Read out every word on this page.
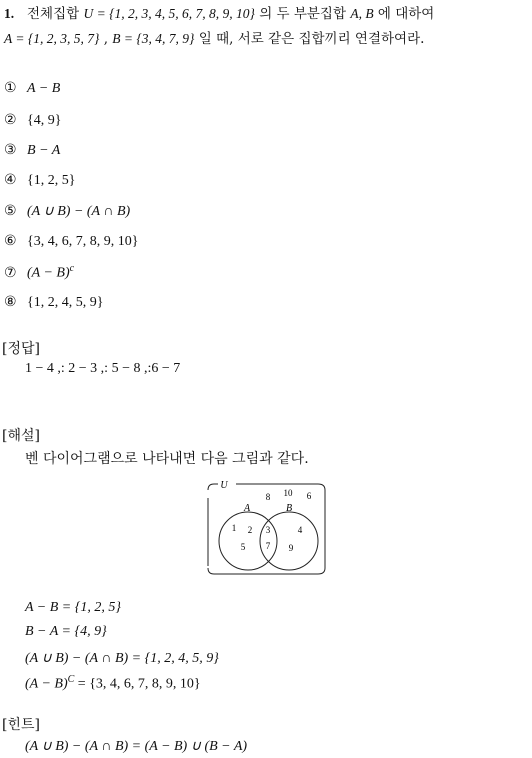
1. 전체집합 U = {1, 2, 3, 4, 5, 6, 7, 8, 9, 10} 의 두 부분집합 A, B 에 대하여
A = {1, 2, 3, 5, 7} , B = {3, 4, 7, 9} 일 때, 서로 같은 집합끼리 연결하여라.
① A − B
② {4, 9}
③ B − A
④ {1, 2, 5}
⑤ (A ∪ B) − (A ∩ B)
⑥ {3, 4, 6, 7, 8, 9, 10}
⑦ $(A - B)^c$
⑧ {1, 2, 4, 5, 9}
[정답]
1 − 4 ,: 2 − 3 ,: 5 − 8 ,:6 − 7
[해설]
벤 다이어그램으로 나타내면 다음 그림과 같다.
U
A	B
8 10 6
1 2
5
3
7
4
9
A − B = {1, 2, 5}
B − A = {4, 9}
(A ∪ B) − (A ∩ B) = {1, 2, 4, 5, 9}
$(A - B)^C = \{3$, 4, 6, 7, 8, 9, 10}
[힌트]
(A ∪ B) − (A ∩ B) = (A − B) ∪ (B − A)
